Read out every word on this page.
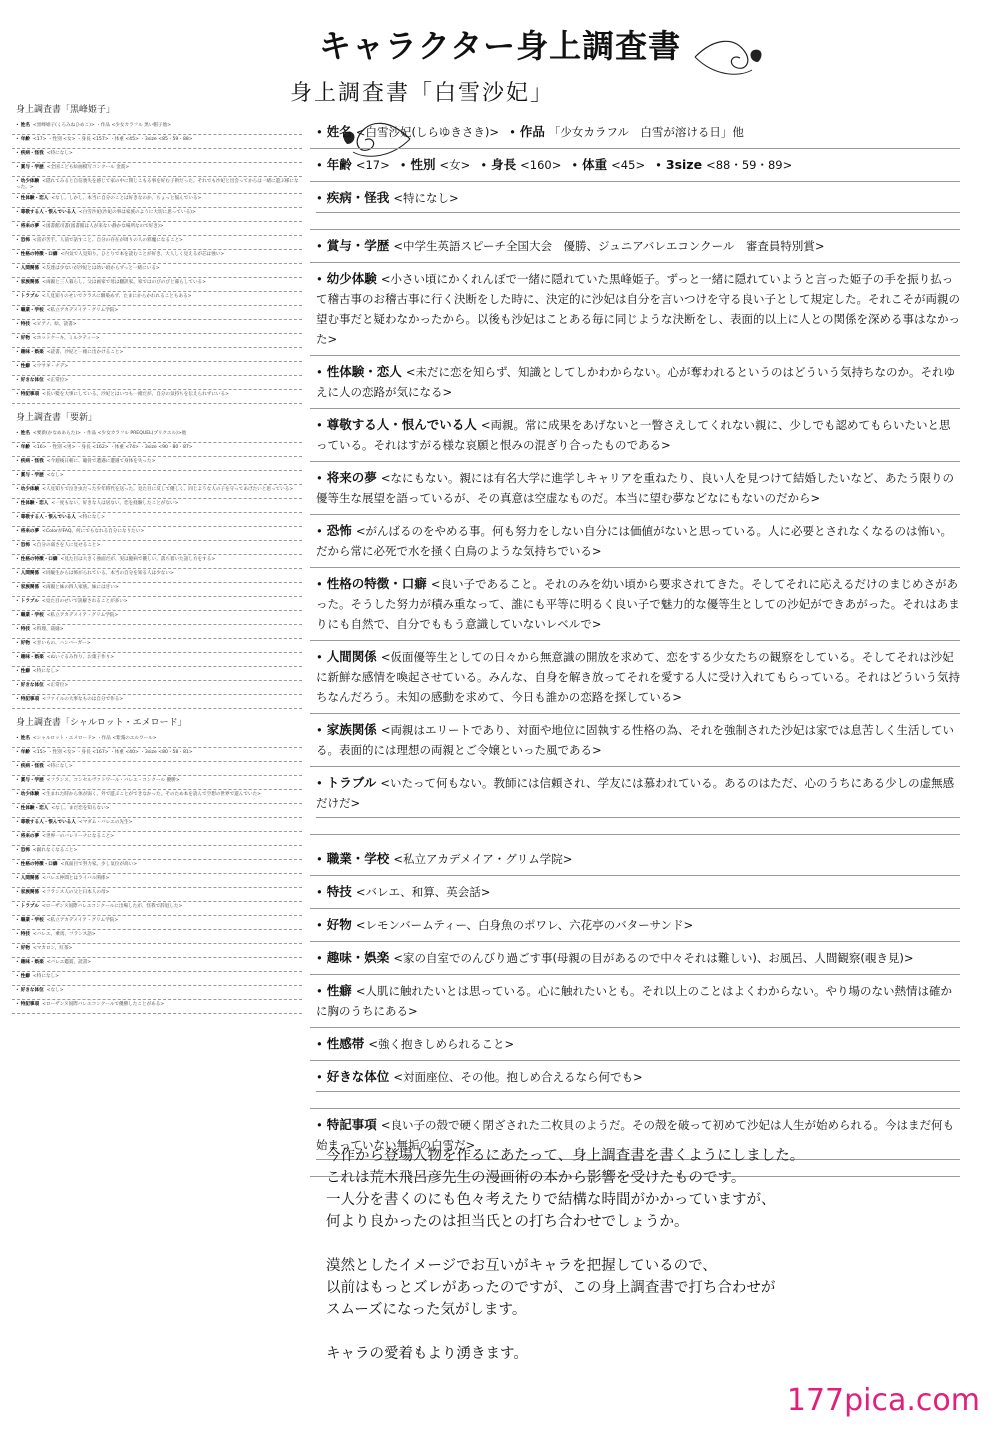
キャラクター身上調査書
身上調査書「白雪沙妃」
身上調査書「黒峰姫子」
• 姓名 <黒峰姫子(くろみねひめこ)> ・作品 <少女カラフル 黒い帽子他>
• 年齢 <17> ・性別 <女> ・身長 <157> ・体重 <45> ・3size <85・59・88>
• 疾病・怪我 <特になし>
• 賞与・学歴 <全国こども絵画模写コンクール 金賞>
• 幼少体験 <隠れてみると自信喪失を感じて家の中に閉じこもる事を好む子供だった。それでも沙妃と出会ってからは一緒に遊ぶ様になった。>
• 性体験・恋人 <なし。しかし、本当に自分のことは好きなのか、ちょっと悩んでいる>
• 尊敬する人・恨んでいる人 <白雪沙妃(沙妃の事は家族のように大切に思っている)>
• 将来の夢 <図書館司書(図書館は人が来ない静かな場所なので好き)>
• 恐怖 <雷が苦手。人前で話すこと。自分の存在が周りの人の邪魔になること>
• 性格の特徴・口癖 <内気で人見知り。ひとりで本を読むことが好き。大人しく見えるが芯は強い>
• 人間関係 <友達は少ないが沙妃とは幼い頃からずっと一緒にいる>
• 家族関係 <両親と三人暮らし。父は画家で母は翻訳家。家ではのびのびと暮らしている>
• トラブル <人見知りのせいでクラスに馴染めず、たまにからかわれることもある>
• 職業・学校 <私立アカデメイア・グリム学院>
• 特技 <ピアノ、絵、読書>
• 好物 <ホットケーキ、ミルクティー>
• 趣味・娯楽 <読書、沙妃と一緒に出かけること>
• 性癖 <ウサギ・ナデ>
• 好きな体位 <正常位>
• 特記事項 <長い髪を大事にしている。沙妃とはいつも一緒だが、自分の気持ちを伝えられずにいる>
身上調査書「要新」
• 姓名 <要新(かなめあらた)> ・作品 <少女カラフル PREQUEL(プリクエル)>他
• 年齢 <16> ・性別 <男> ・身長 <162> ・体重 <74> ・3size <90・80・87>
• 疾病・怪我 <今週後日朝に、瞳骨で遭遇に遭遇て身体を失った>
• 賞与・学歴 <なし>
• 幼少体験 <人見知りで泣き虫だった少年時代を送った。見た目に反して優しく、同じような人の子を守ってあげたいと思っている>
• 性体験・恋人 <一度もない。好きな人は居ない。恋を経験したことがない>
• 尊敬する人・恨んでいる人 <特になし>
• 将来の夢 <ColorがFAQ。何にでもなれる自分になりたい>
• 恐怖 <自分の弱さを人に見せること>
• 性格の特徴・口癖 <見た目は大きく強面だが、実は臆病で優しい。落ち着いた話し方をする>
• 人間関係 <同級生からは怖がられている。本当の自分を知る人は少ない>
• 家族関係 <両親と妹の四人家族。妹には甘い>
• トラブル <見た目のせいで誤解されることが多い>
• 職業・学校 <私立アカデメイア・グリム学院>
• 特技 <料理、裁縫>
• 好物 <甘いもの、ハンバーガー>
• 趣味・娯楽 <ぬいぐるみ作り、お菓子作り>
• 性癖 <特になし>
• 好きな体位 <正常位>
• 特記事項 <ファイルの大事なものは自分で作る>
身上調査書「シャルロット・エメロード」
• 姓名 <シャルロット・エメロード> ・作品 <紫霧のエルワール>
• 年齢 <15> ・性別 <女> ・身長 <167> ・体重 <40> ・3size <80・58・81>
• 疾病・怪我 <特になし>
• 賞与・学歴 <フランス、コンセルヴァトワール・バレエ・コンクール 優勝>
• 幼少体験 <生まれた時から体が弱く、外で遊ぶことができなかった。そのため本を読んで空想の世界で遊んでいた>
• 性体験・恋人 <なし。まだ恋を知らない>
• 尊敬する人・恨んでいる人 <マダム・バレエの先生>
• 将来の夢 <世界一のバレリーナになること>
• 恐怖 <踊れなくなること>
• 性格の特徴・口癖 <真面目で努力家。少し気位が高い>
• 人間関係 <バレエ仲間とはライバル関係>
• 家族関係 <フランス人の父と日本人の母>
• トラブル <ローザンヌ国際バレエコンクールに出場したが、怪我で辞退した>
• 職業・学校 <私立アカデメイア・グリム学院>
• 特技 <バレエ、乗馬、フランス語>
• 好物 <マカロン、紅茶>
• 趣味・娯楽 <バレエ鑑賞、読書>
• 性癖 <特になし>
• 好きな体位 <なし>
• 特記事項 <ローザンヌ国際バレエコンクールで優勝したことがある>
• 姓名 <白雪沙妃(しらゆきさき)> • 作品 「少女カラフル　白雪が溶ける日」他
• 年齢 <17> • 性別 <女> • 身長 <160> • 体重 <45> • 3size <88・59・89>
• 疾病・怪我 <特になし>
• 賞与・学歴 <中学生英語スピーチ全国大会　優勝、ジュニアバレエコンクール　審査員特別賞>
• 幼少体験 <小さい頃にかくれんぼで一緒に隠れていた黒峰姫子。ずっと一緒に隠れていようと言った姫子の手を振り払って稽古事のお稽古事に行く決断をした時に、決定的に沙妃は自分を言いつけを守る良い子として規定した。それこそが両親の望む事だと疑わなかったから。以後も沙妃はことある毎に同じような決断をし、表面的以上に人との関係を深める事はなかった>
• 性体験・恋人 <未だに恋を知らず、知識としてしかわからない。心が奪われるというのはどういう気持ちなのか。それゆえに人の恋路が気になる>
• 尊敬する人・恨んでいる人 <両親。常に成果をあげないと一瞥さえしてくれない親に、少しでも認めてもらいたいと思っている。それはすがる様な哀願と恨みの混ぎり合ったものである>
• 将来の夢 <なにもない。親には有名大学に進学しキャリアを重ねたり、良い人を見つけて結婚したいなど、あたう限りの優等生な展望を語っているが、その真意は空虚なものだ。本当に望む夢などなにもないのだから>
• 恐怖 <がんばるのをやめる事。何も努力をしない自分には価値がないと思っている。人に必要とされなくなるのは怖い。だから常に必死で水を掻く白鳥のような気持ちでいる>
• 性格の特徴・口癖 <良い子であること。それのみを幼い頃から要求されてきた。そしてそれに応えるだけのまじめさがあった。そうした努力が積み重なって、誰にも平等に明るく良い子で魅力的な優等生としての沙妃ができあがった。それはあまりにも自然で、自分でももう意識していないレベルで>
• 人間関係 <仮面優等生としての日々から無意識の開放を求めて、恋をする少女たちの観察をしている。そしてそれは沙妃に新鮮な感情を喚起させている。みんな、自身を解き放ってそれを愛する人に受け入れてもらっている。それはどういう気持ちなんだろう。未知の感動を求めて、今日も誰かの恋路を探している>
• 家族関係 <両親はエリートであり、対面や地位に固執する性格の為、それを強制された沙妃は家では息苦しく生活している。表面的には理想の両親とご令嬢といった風である>
• トラブル <いたって何もない。教師には信頼され、学友には慕われている。あるのはただ、心のうちにある少しの虚無感だけだ>
• 職業・学校 <私立アカデメイア・グリム学院>
• 特技 <バレエ、和算、英会話>
• 好物 <レモンバームティー、白身魚のポワレ、六花亭のバターサンド>
• 趣味・娯楽 <家の自室でのんびり過ごす事(母親の目があるので中々それは難しい)、お風呂、人間観察(覗き見)>
• 性癖 <人肌に触れたいとは思っている。心に触れたいとも。それ以上のことはよくわからない。やり場のない熱情は確かに胸のうちにある>
• 性感帯 <強く抱きしめられること>
• 好きな体位 <対面座位、その他。抱しめ合えるなら何でも>
• 特記事項 <良い子の殻で硬く閉ざされた二枚貝のようだ。その殻を破って初めて沙妃は人生が始められる。今はまだ何も始まっていない無垢の白雪だ>

今作から登場人物を作るにあたって、身上調査書を書くようにしました。

これは荒木飛呂彦先生の漫画術の本から影響を受けたものです。

一人分を書くのにも色々考えたりで結構な時間がかかっていますが、

何より良かったのは担当氏との打ち合わせでしょうか。

漠然としたイメージでお互いがキャラを把握しているので、

以前はもっとズレがあったのですが、この身上調査書で打ち合わせが

スムーズになった気がします。

キャラの愛着もより湧きます。

177pica.com
